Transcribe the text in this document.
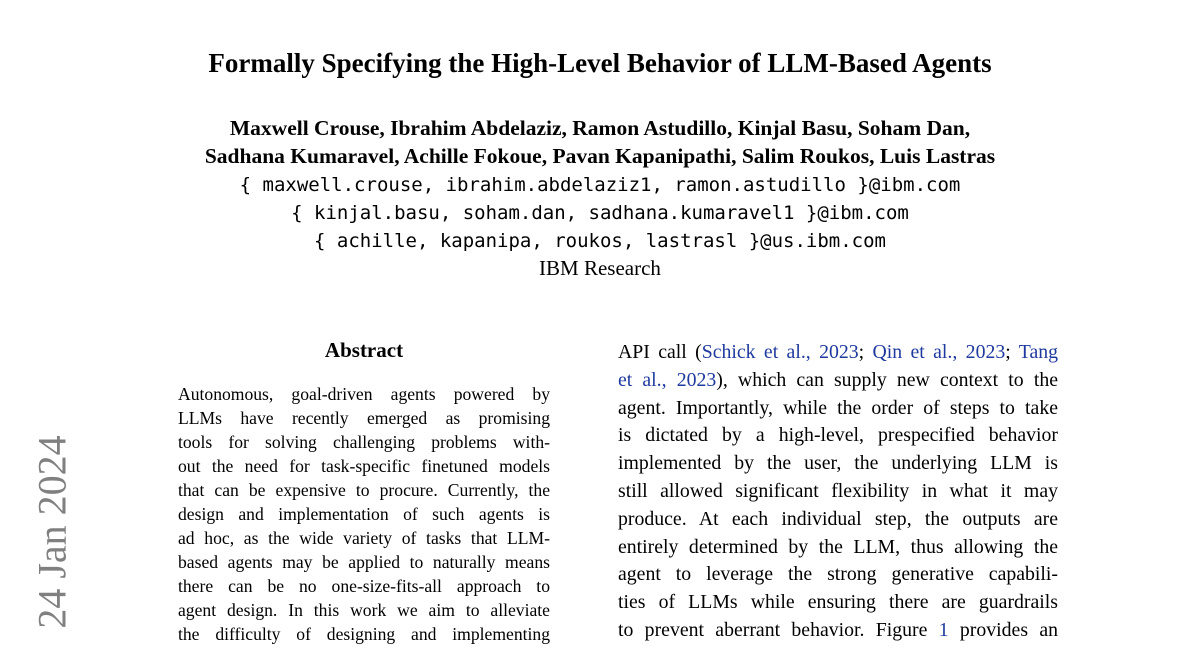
Formally Specifying the High-Level Behavior of LLM-Based Agents
Maxwell Crouse, Ibrahim Abdelaziz, Ramon Astudillo, Kinjal Basu, Soham Dan,
Sadhana Kumaravel, Achille Fokoue, Pavan Kapanipathi, Salim Roukos, Luis Lastras
{ maxwell.crouse, ibrahim.abdelaziz1, ramon.astudillo }@ibm.com
{ kinjal.basu, soham.dan, sadhana.kumaravel1 }@ibm.com
{ achille, kapanipa, roukos, lastrasl }@us.ibm.com
IBM Research
24 Jan 2024
Abstract
Autonomous, goal-driven agents powered by
LLMs have recently emerged as promising
tools for solving challenging problems with-
out the need for task-specific finetuned models
that can be expensive to procure. Currently, the
design and implementation of such agents is
ad hoc, as the wide variety of tasks that LLM-
based agents may be applied to naturally means
there can be no one-size-fits-all approach to
agent design. In this work we aim to alleviate
the difficulty of designing and implementing
API call (Schick et al., 2023; Qin et al., 2023; Tang
et al., 2023), which can supply new context to the
agent. Importantly, while the order of steps to take
is dictated by a high-level, prespecified behavior
implemented by the user, the underlying LLM is
still allowed significant flexibility in what it may
produce. At each individual step, the outputs are
entirely determined by the LLM, thus allowing the
agent to leverage the strong generative capabili-
ties of LLMs while ensuring there are guardrails
to prevent aberrant behavior. Figure 1 provides an
